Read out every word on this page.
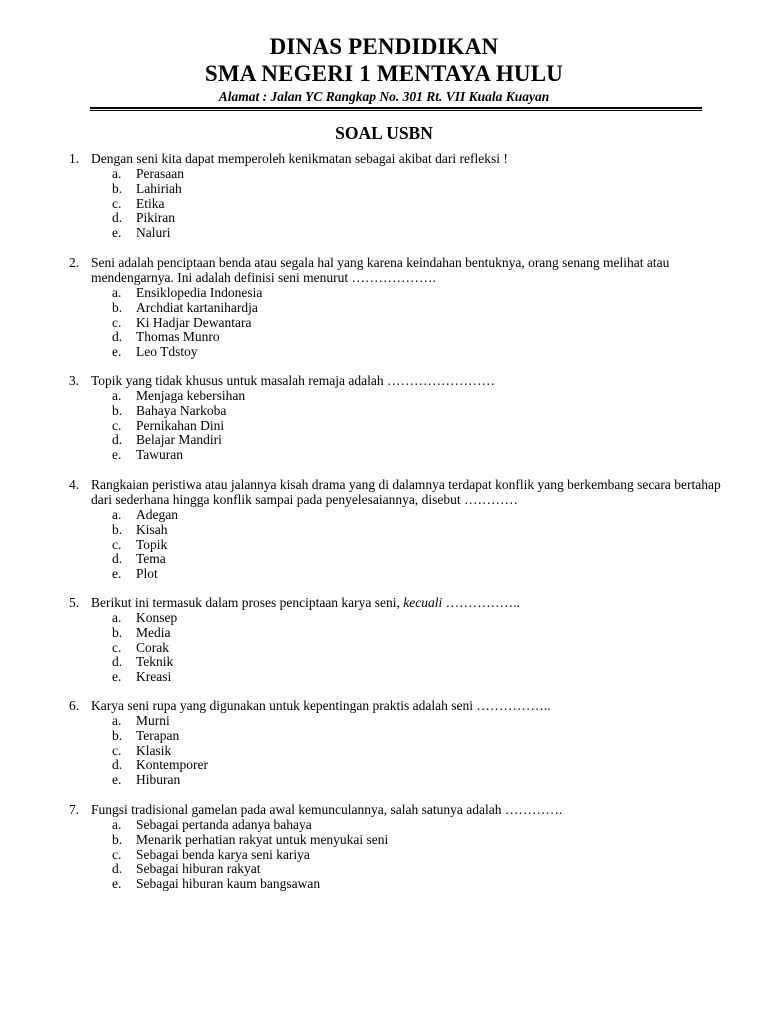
DINAS PENDIDIKAN
SMA NEGERI 1 MENTAYA HULU
Alamat : Jalan YC Rangkap No. 301 Rt. VII Kuala Kuayan
SOAL USBN
1. Dengan seni kita dapat memperoleh kenikmatan sebagai akibat dari refleksi !
a. Perasaan
b. Lahiriah
c. Etika
d. Pikiran
e. Naluri
2. Seni adalah penciptaan benda atau segala hal yang karena keindahan bentuknya, orang senang melihat atau
mendengarnya. Ini adalah definisi seni menurut ……………….
a. Ensiklopedia Indonesia
b. Archdiat kartanihardja
c. Ki Hadjar Dewantara
d. Thomas Munro
e. Leo Tdstoy
3. Topik yang tidak khusus untuk masalah remaja adalah ……………………
a. Menjaga kebersihan
b. Bahaya Narkoba
c. Pernikahan Dini
d. Belajar Mandiri
e. Tawuran
4. Rangkaian peristiwa atau jalannya kisah drama yang di dalamnya terdapat konflik yang berkembang secara bertahap
dari sederhana hingga konflik sampai pada penyelesaiannya, disebut …………
a. Adegan
b. Kisah
c. Topik
d. Tema
e. Plot
5. Berikut ini termasuk dalam proses penciptaan karya seni, kecuali ……………..
a. Konsep
b. Media
c. Corak
d. Teknik
e. Kreasi
6. Karya seni rupa yang digunakan untuk kepentingan praktis adalah seni ……………..
a. Murni
b. Terapan
c. Klasik
d. Kontemporer
e. Hiburan
7. Fungsi tradisional gamelan pada awal kemunculannya, salah satunya adalah ………….
a. Sebagai pertanda adanya bahaya
b. Menarik perhatian rakyat untuk menyukai seni
c. Sebagai benda karya seni kariya
d. Sebagai hiburan rakyat
e. Sebagai hiburan kaum bangsawan
